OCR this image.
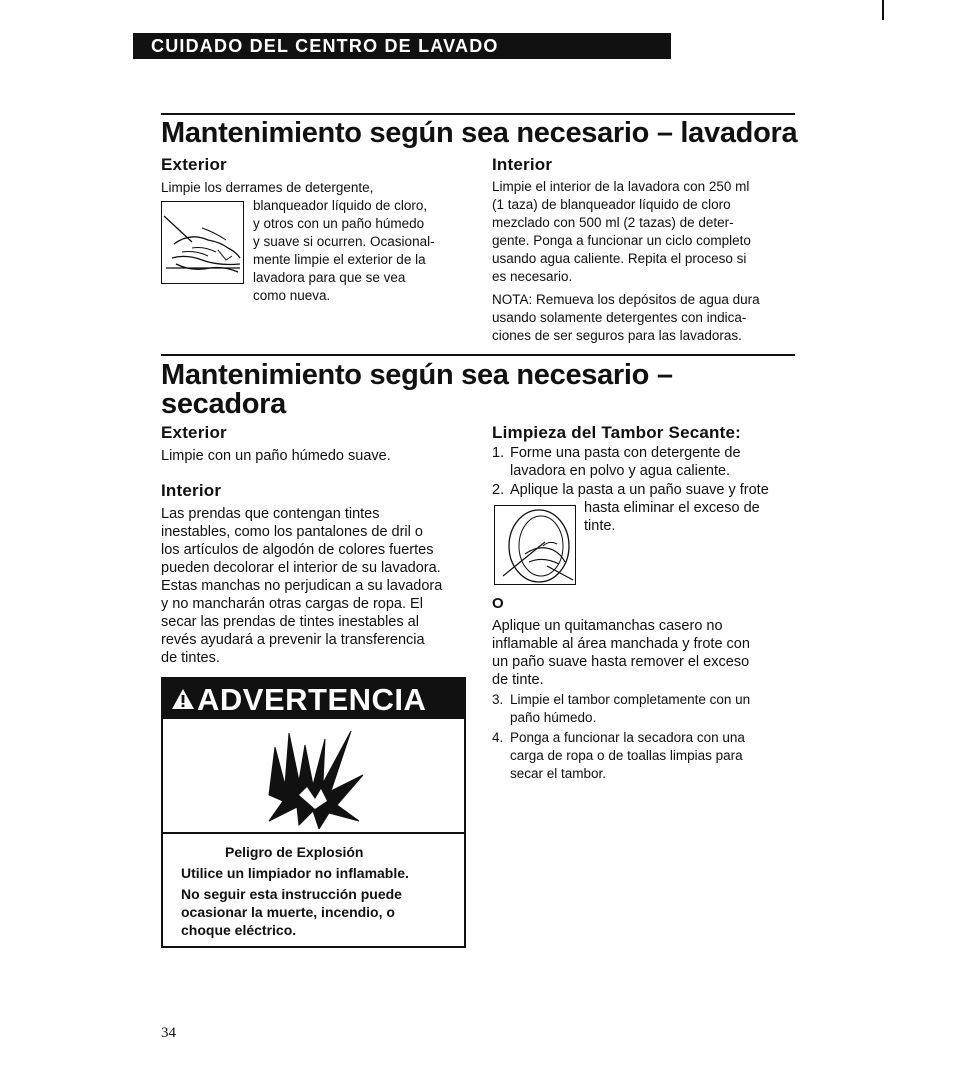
CUIDADO DEL CENTRO DE LAVADO
Mantenimiento según sea necesario – lavadora
Exterior
Limpie los derrames de detergente,
blanqueador líquido de cloro,
y otros con un paño húmedo
y suave si ocurren. Ocasional-
mente limpie el exterior de la
lavadora para que se vea
como nueva.
Interior
Limpie el interior de la lavadora con 250 ml
(1 taza) de blanqueador líquido de cloro
mezclado con 500 ml (2 tazas) de deter-
gente. Ponga a funcionar un ciclo completo
usando agua caliente. Repita el proceso si
es necesario.
NOTA: Remueva los depósitos de agua dura
usando solamente detergentes con indica-
ciones de ser seguros para las lavadoras.
Mantenimiento según sea necesario –
secadora
Exterior
Limpie con un paño húmedo suave.
Interior
Las prendas que contengan tintes
inestables, como los pantalones de dril o
los artículos de algodón de colores fuertes
pueden decolorar el interior de su lavadora.
Estas manchas no perjudican a su lavadora
y no mancharán otras cargas de ropa. El
secar las prendas de tintes inestables al
revés ayudará a prevenir la transferencia
de tintes.
ADVERTENCIA
Peligro de Explosión
Utilice un limpiador no inflamable.
No seguir esta instrucción puede
ocasionar la muerte, incendio, o
choque eléctrico.
Limpieza del Tambor Secante:
1. Forme una pasta con detergente de
lavadora en polvo y agua caliente.
2. Aplique la pasta a un paño suave y frote
hasta eliminar el exceso de
tinte.
O
Aplique un quitamanchas casero no
inflamable al área manchada y frote con
un paño suave hasta remover el exceso
de tinte.
3. Limpie el tambor completamente con un
paño húmedo.
4. Ponga a funcionar la secadora con una
carga de ropa o de toallas limpias para
secar el tambor.
34
